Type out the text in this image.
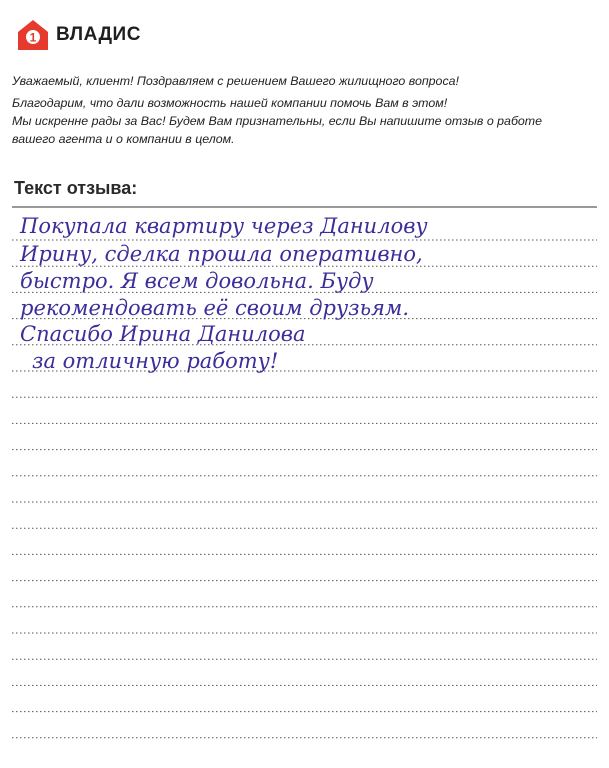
1 ВЛАДИС

Уважаемый, клиент! Поздравляем с решением Вашего жилищного вопроса!

Благодарим, что дали возможность нашей компании помочь Вам в этом!

Мы искренне рады за Вас! Будем Вам признательны, если Вы напишите отзыв о работе

вашего агента и о компании в целом.

Текст отзыва:
Покупала квартиру через Данилову
Ирину, сделка прошла оперативно,
быстро. Я всем довольна. Буду
рекомендовать её своим друзьям.
Спасибо Ирина Данилова
за отличную работу!
